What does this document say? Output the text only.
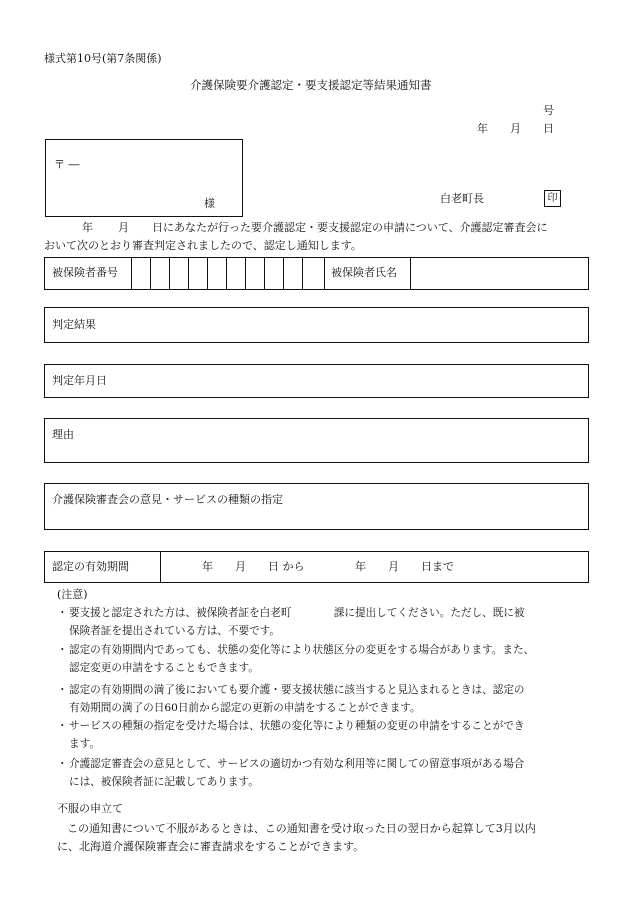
様式第10号(第7条関係)
介護保険要介護認定・要支援認定等結果通知書
号
年 月 日
〒 ―
様	白老町長	印
年 月 日にあなたが行った要介護認定・要支援認定の申請について、介護認定審査会に
おいて次のとおり審査判定されましたので、認定し通知します。
被保険者番号	被保険者氏名
判定結果
判定年月日
理由
介護保険審査会の意見・サービスの種類の指定
認定の有効期間	年　　月　　日 から	年　　月　　日まで
(注意)
・ 要支援と認定された方は、被保険者証を白老町　　　　課に提出してください。ただし、既に被
保険者証を提出されている方は、不要です。
・ 認定の有効期間内であっても、状態の変化等により状態区分の変更をする場合があります。また、
認定変更の申請をすることもできます。
・ 認定の有効期間の満了後においても要介護・要支援状態に該当すると見込まれるときは、認定の
有効期間の満了の日60日前から認定の更新の申請をすることができます。
・ サービスの種類の指定を受けた場合は、状態の変化等により種類の変更の申請をすることができ
ます。
・ 介護認定審査会の意見として、サービスの適切かつ有効な利用等に関しての留意事項がある場合
には、被保険者証に記載してあります。
不服の申立て
この通知書について不服があるときは、この通知書を受け取った日の翌日から起算して3月以内
に、北海道介護保険審査会に審査請求をすることができます。
